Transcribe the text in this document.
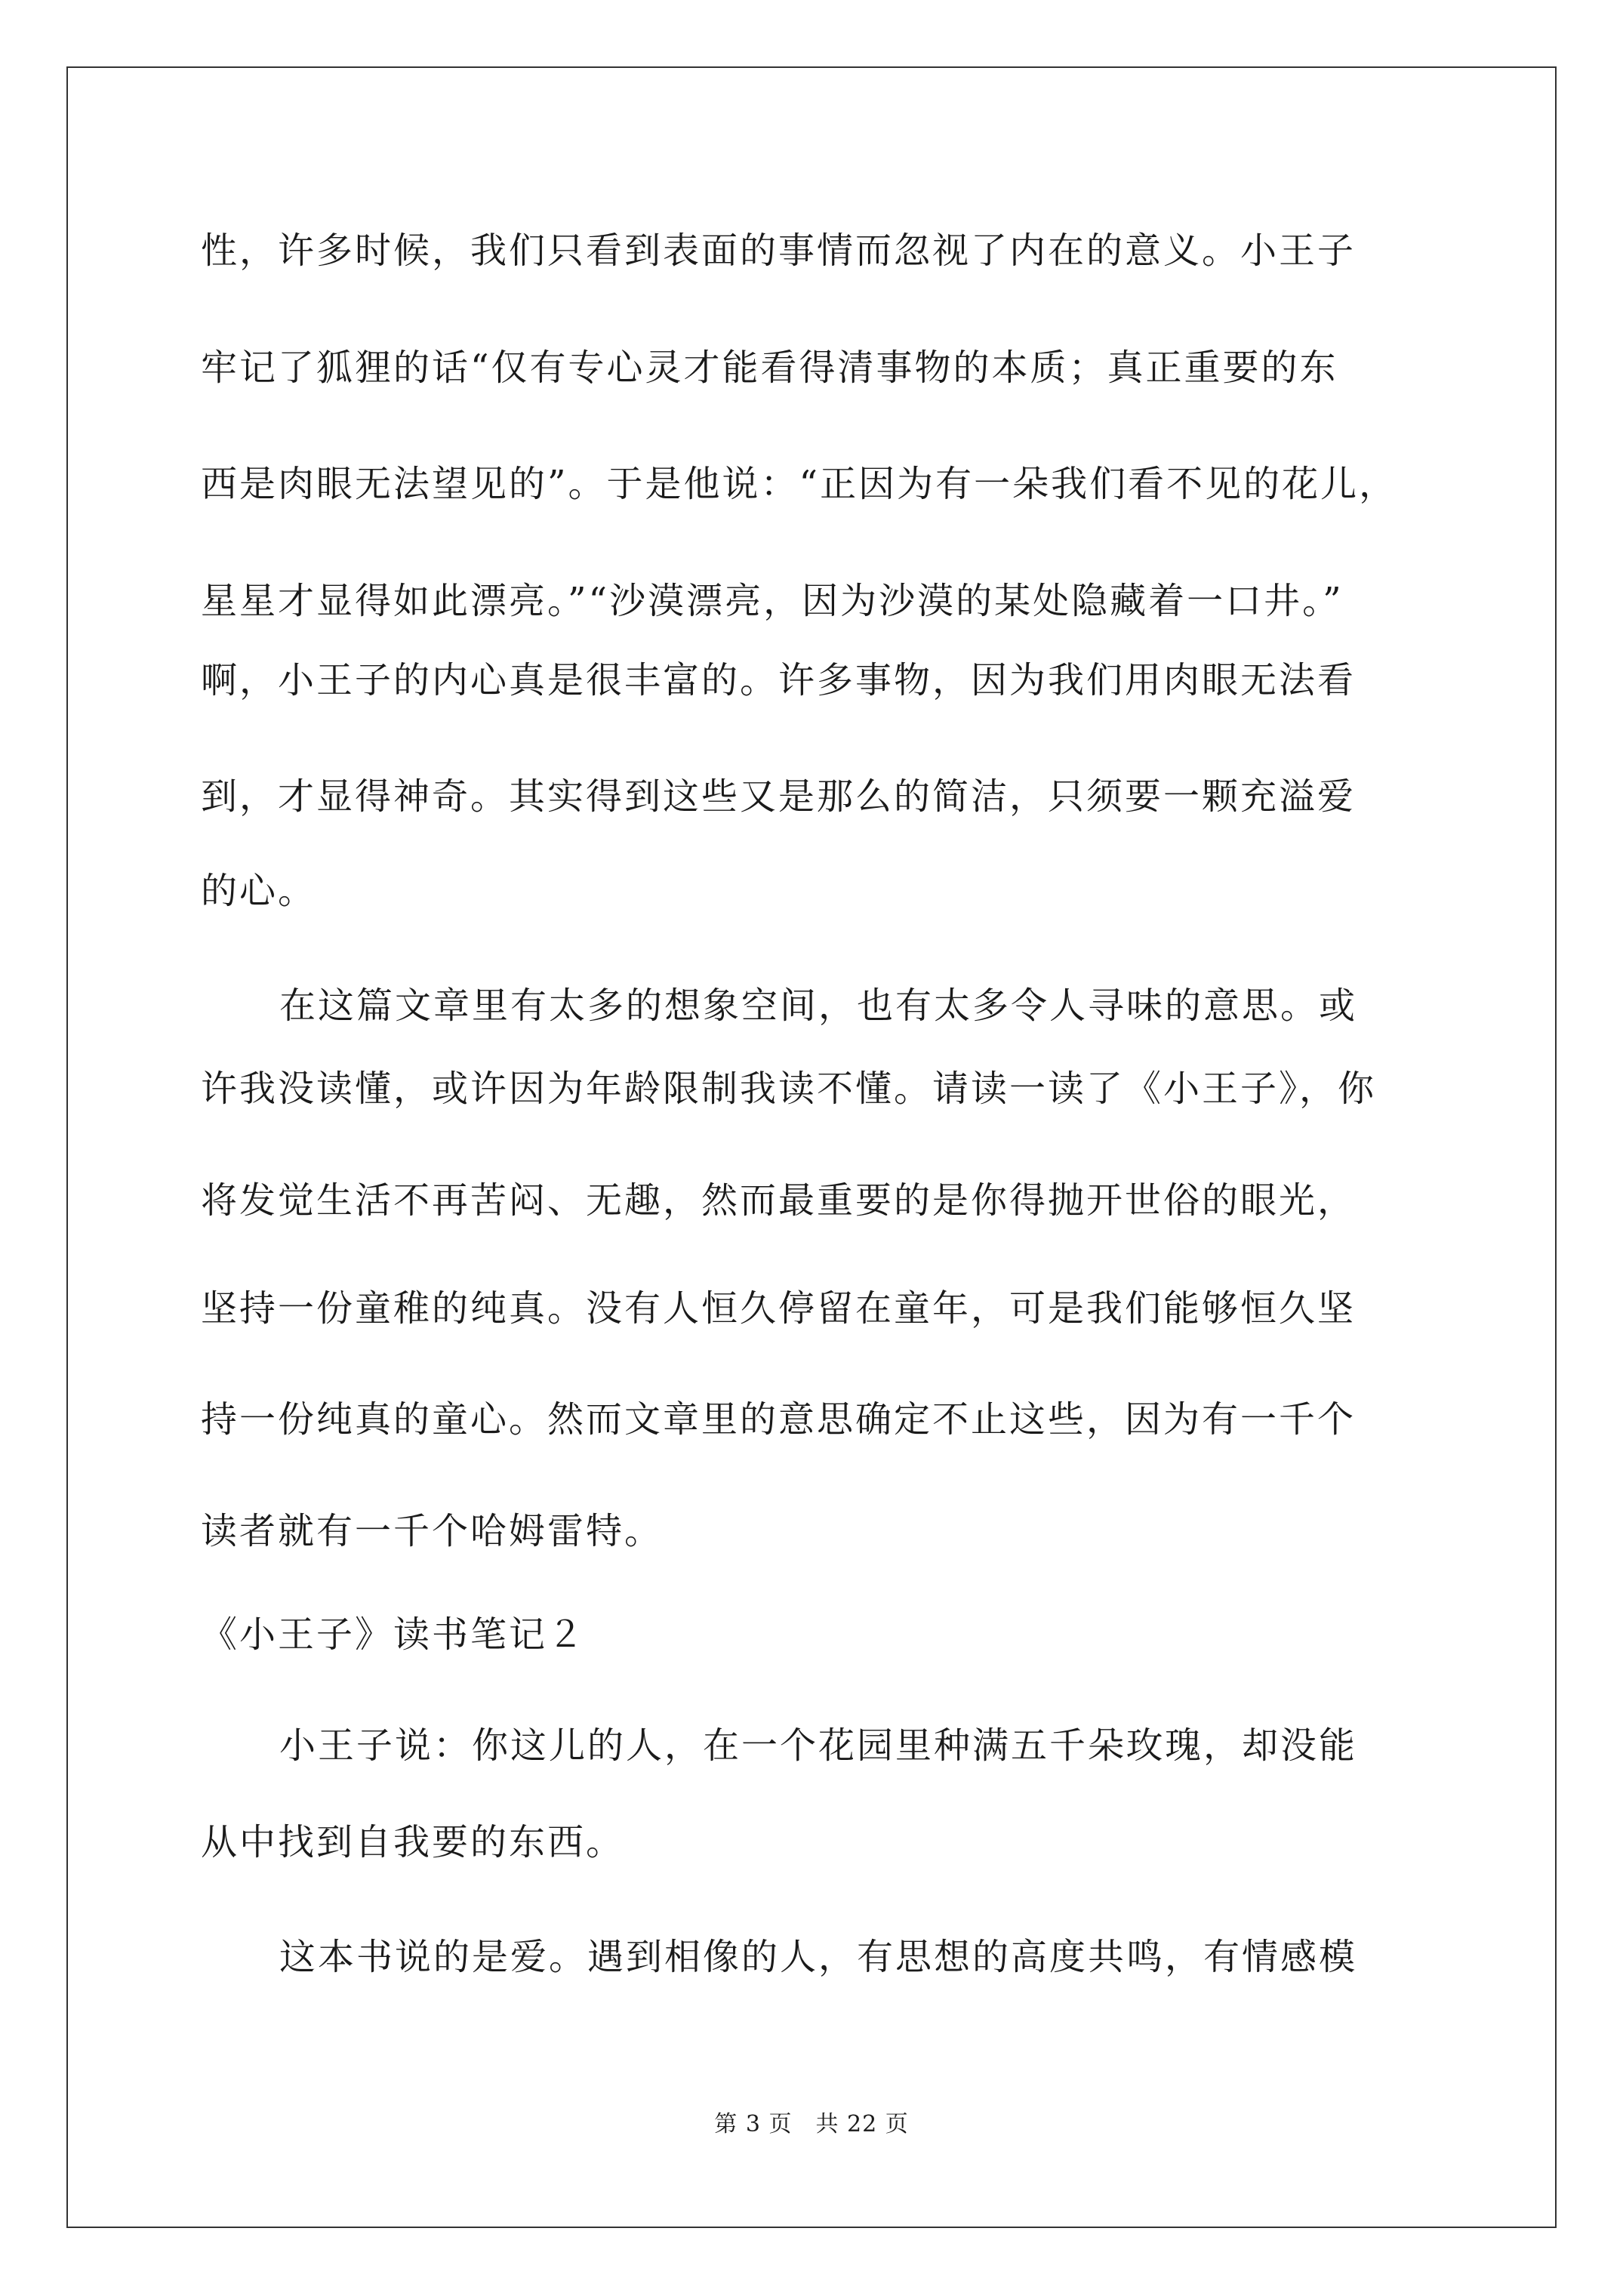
性，许多时候，我们只看到表面的事情而忽视了内在的意义。小王子
牢记了狐狸的话“仅有专心灵才能看得清事物的本质；真正重要的东
西是肉眼无法望见的”。于是他说：“正因为有一朵我们看不见的花儿，
星星才显得如此漂亮。”“沙漠漂亮，因为沙漠的某处隐藏着一口井。”
啊，小王子的内心真是很丰富的。许多事物，因为我们用肉眼无法看
到，才显得神奇。其实得到这些又是那么的简洁，只须要一颗充溢爱
的心。
在这篇文章里有太多的想象空间，也有太多令人寻味的意思。或
许我没读懂，或许因为年龄限制我读不懂。请读一读了《小王子》，你
将发觉生活不再苦闷、无趣，然而最重要的是你得抛开世俗的眼光，
坚持一份童稚的纯真。没有人恒久停留在童年，可是我们能够恒久坚
持一份纯真的童心。然而文章里的意思确定不止这些，因为有一千个
读者就有一千个哈姆雷特。
《小王子》读书笔记２
小王子说：你这儿的人，在一个花园里种满五千朵玫瑰，却没能
从中找到自我要的东西。
这本书说的是爱。遇到相像的人，有思想的高度共鸣，有情感模
第 3 页　共 22 页
